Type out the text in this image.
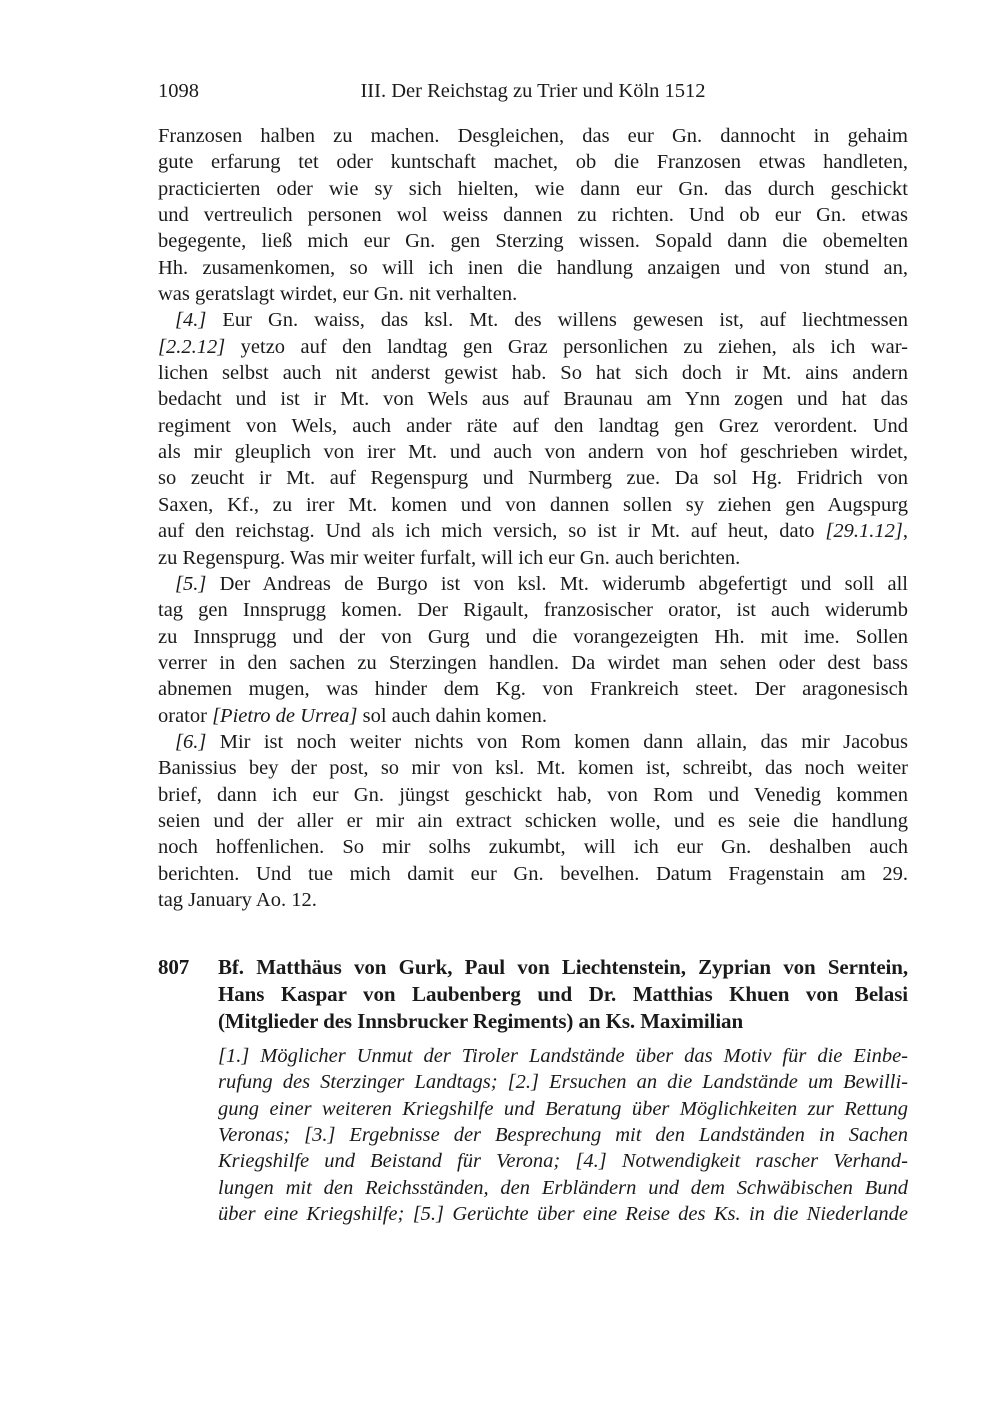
1098	III. Der Reichstag zu Trier und Köln 1512
Franzosen halben zu machen. Desgleichen, das eur Gn. dannocht in gehaim
gute erfarung tet oder kuntschaft machet, ob die Franzosen etwas handleten,
practicierten oder wie sy sich hielten, wie dann eur Gn. das durch geschickt
und vertreulich personen wol weiss dannen zu richten. Und ob eur Gn. etwas
begegente, ließ mich eur Gn. gen Sterzing wissen. Sopald dann die obemelten
Hh. zusamenkomen, so will ich inen die handlung anzaigen und von stund an,
was geratslagt wirdet, eur Gn. nit verhalten.
[4.] Eur Gn. waiss, das ksl. Mt. des willens gewesen ist, auf liechtmessen
[2.2.12] yetzo auf den landtag gen Graz personlichen zu ziehen, als ich war-
lichen selbst auch nit anderst gewist hab. So hat sich doch ir Mt. ains andern
bedacht und ist ir Mt. von Wels aus auf Braunau am Ynn zogen und hat das
regiment von Wels, auch ander räte auf den landtag gen Grez verordent. Und
als mir gleuplich von irer Mt. und auch von andern von hof geschrieben wirdet,
so zeucht ir Mt. auf Regenspurg und Nurmberg zue. Da sol Hg. Fridrich von
Saxen, Kf., zu irer Mt. komen und von dannen sollen sy ziehen gen Augspurg
auf den reichstag. Und als ich mich versich, so ist ir Mt. auf heut, dato [29.1.12],
zu Regenspurg. Was mir weiter furfalt, will ich eur Gn. auch berichten.
[5.] Der Andreas de Burgo ist von ksl. Mt. widerumb abgefertigt und soll all
tag gen Innsprugg komen. Der Rigault, franzosischer orator, ist auch widerumb
zu Innsprugg und der von Gurg und die vorangezeigten Hh. mit ime. Sollen
verrer in den sachen zu Sterzingen handlen. Da wirdet man sehen oder dest bass
abnemen mugen, was hinder dem Kg. von Frankreich steet. Der aragonesisch
orator [Pietro de Urrea] sol auch dahin komen.
[6.] Mir ist noch weiter nichts von Rom komen dann allain, das mir Jacobus
Banissius bey der post, so mir von ksl. Mt. komen ist, schreibt, das noch weiter
brief, dann ich eur Gn. jüngst geschickt hab, von Rom und Venedig kommen
seien und der aller er mir ain extract schicken wolle, und es seie die handlung
noch hoffenlichen. So mir solhs zukumbt, will ich eur Gn. deshalben auch
berichten. Und tue mich damit eur Gn. bevelhen. Datum Fragenstain am 29.
tag January Ao. 12.
807 Bf. Matthäus von Gurk, Paul von Liechtenstein, Zyprian von Serntein,
Hans Kaspar von Laubenberg und Dr. Matthias Khuen von Belasi
(Mitglieder des Innsbrucker Regiments) an Ks. Maximilian
[1.] Möglicher Unmut der Tiroler Landstände über das Motiv für die Einbe-
rufung des Sterzinger Landtags; [2.] Ersuchen an die Landstände um Bewilli-
gung einer weiteren Kriegshilfe und Beratung über Möglichkeiten zur Rettung
Veronas; [3.] Ergebnisse der Besprechung mit den Landständen in Sachen
Kriegshilfe und Beistand für Verona; [4.] Notwendigkeit rascher Verhand-
lungen mit den Reichsständen, den Erbländern und dem Schwäbischen Bund
über eine Kriegshilfe; [5.] Gerüchte über eine Reise des Ks. in die Niederlande
